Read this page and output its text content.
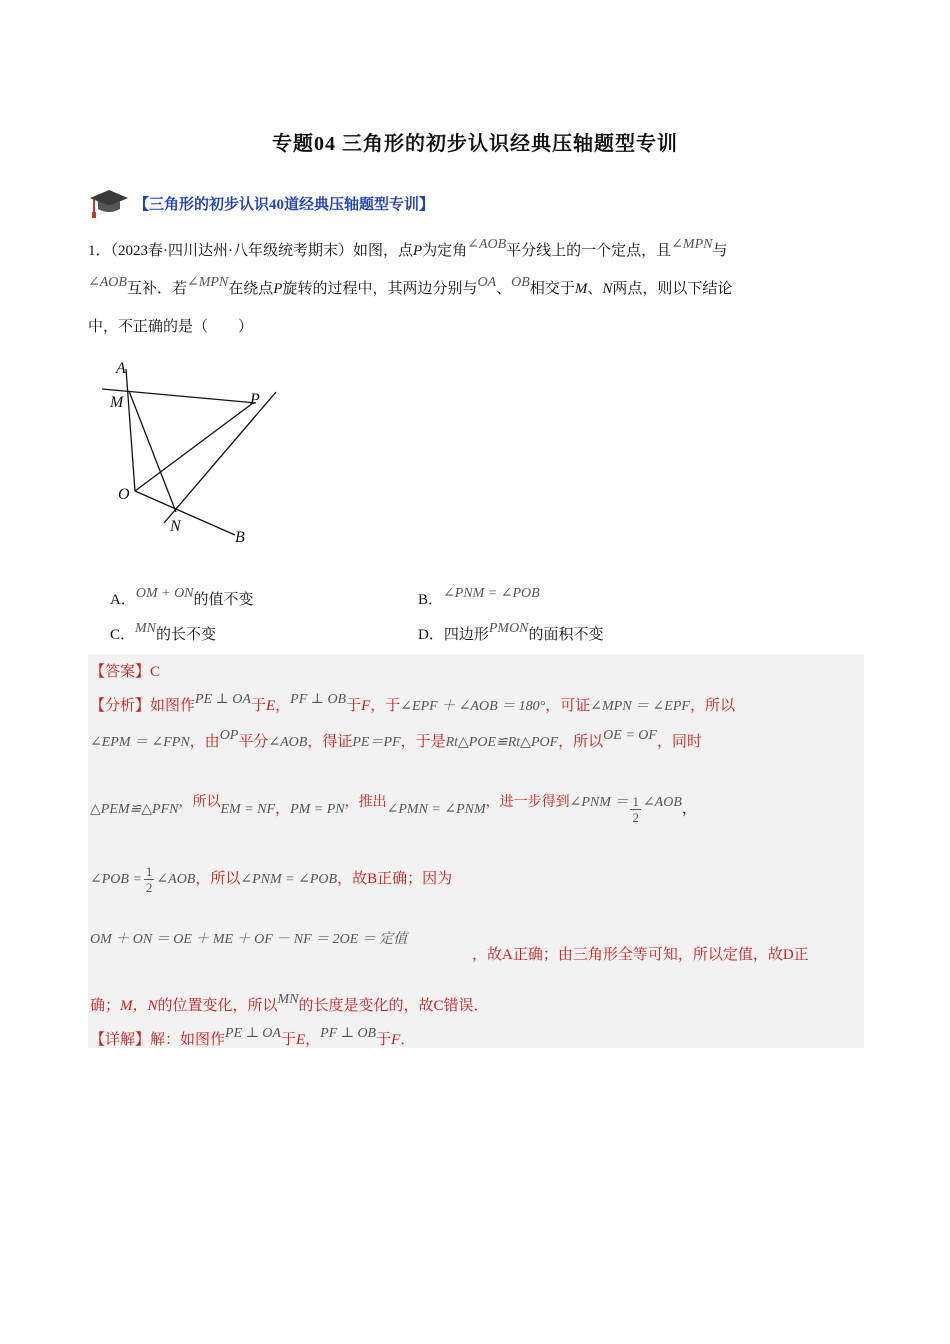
专题04 三角形的初步认识经典压轴题型专训
【三角形的初步认识40道经典压轴题型专训】
1．（2023春·四川达州·八年级统考期末）如图，点P为定角∠AOB平分线上的一个定点，且∠MPN与
∠AOB互补．若∠MPN在绕点P旋转的过程中，其两边分别与OA、OB相交于M、N两点，则以下结论
中，不正确的是（　　）
A
M	P
O
N
B
A．OM + ON的值不变	B．∠PNM = ∠POB
C．MN的长不变	D．四边形PMON的面积不变
【答案】C
【分析】如图作PE ⊥ OA于E，PF ⊥ OB于F，于∠EPF ＋ ∠AOB ＝ 180°，可证∠MPN ＝ ∠EPF，所以
∠EPM ＝ ∠FPN，由OP平分∠AOB，得证PE＝PF，于是Rt△POE≌Rt△POF，所以OE = OF，同时
△PEM≌△PFN，所以EM = NF，PM = PN，推出∠PMN = ∠PNM，进一步得到∠PNM ＝ $\frac{1}{2}$ ∠AOB，
∠POB = $\frac{1}{2}$ ∠AOB，所以∠PNM = ∠POB，故B正确；因为
OM ＋ ON ＝ OE ＋ ME ＋ OF － NF ＝ 2OE ＝ 定值
，故A正确；由三角形全等可知，所以定值，故D正
确；M，N的位置变化，所以MN的长度是变化的，故C错误．
【详解】解：如图作PE ⊥ OA于E，PF ⊥ OB于F．
